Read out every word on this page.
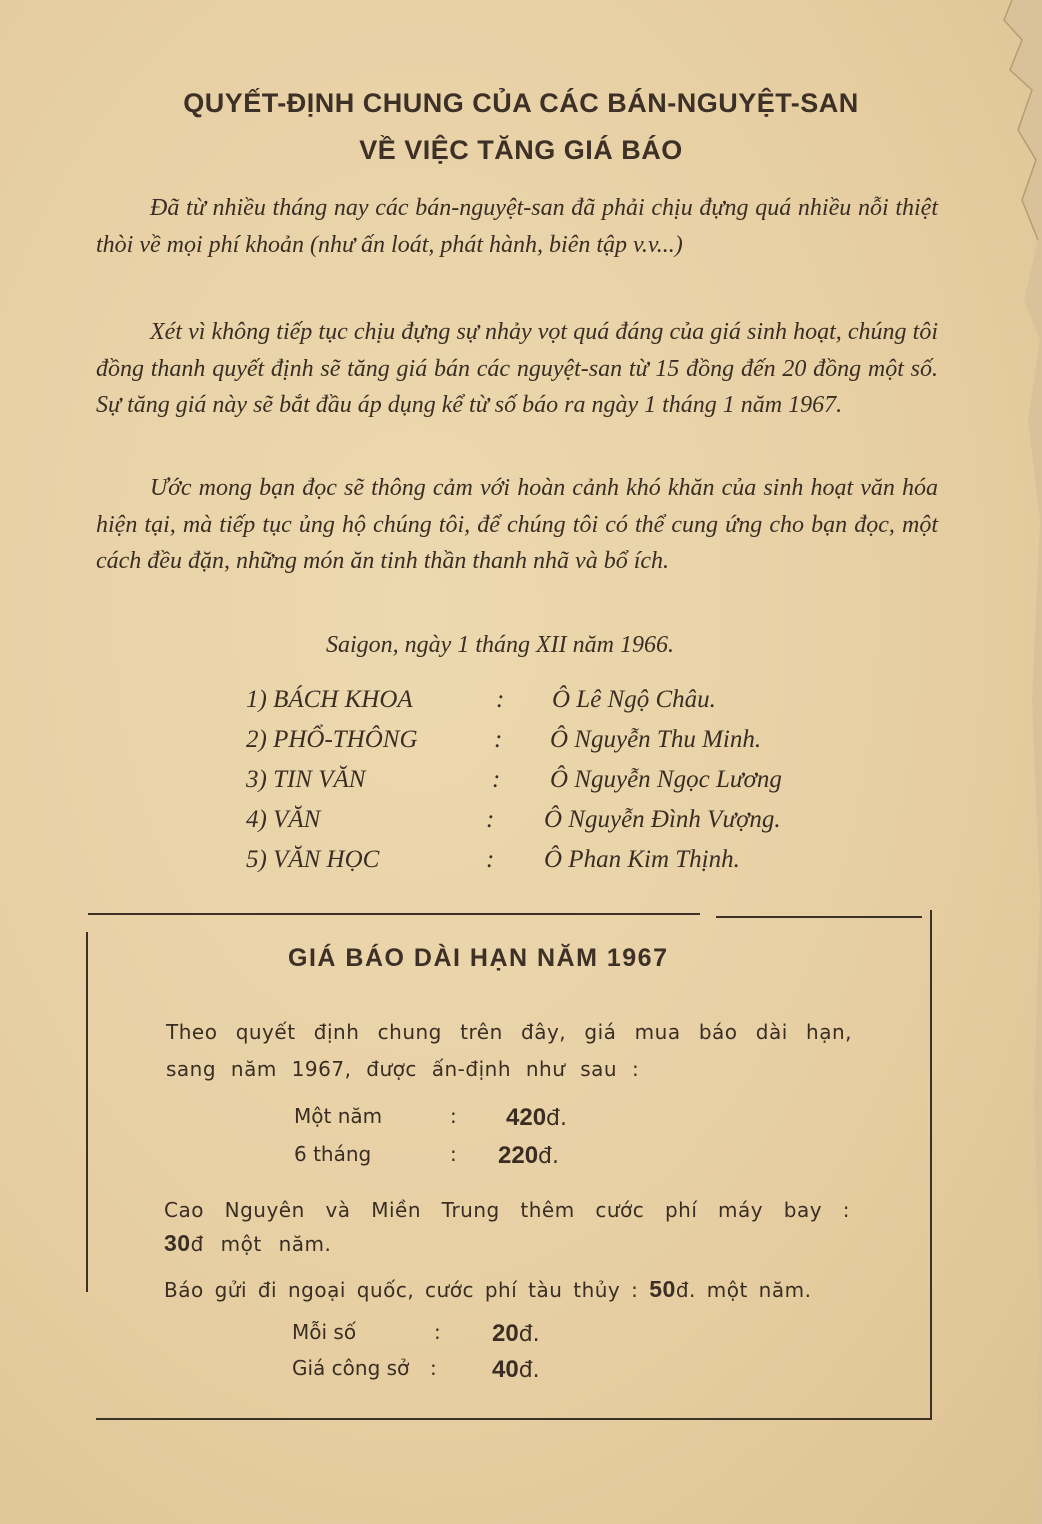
QUYẾT-ĐỊNH CHUNG CỦA CÁC BÁN-NGUYỆT-SAN
VỀ VIỆC TĂNG GIÁ BÁO
Đã từ nhiều tháng nay các bán-nguyệt-san đã phải chịu đựng quá nhiều nỗi thiệt thòi về mọi phí khoản (như ấn loát, phát hành, biên tập v.v...)
Xét vì không tiếp tục chịu đựng sự nhảy vọt quá đáng của giá sinh hoạt, chúng tôi đồng thanh quyết định sẽ tăng giá bán các nguyệt-san từ 15 đồng đến 20 đồng một số. Sự tăng giá này sẽ bắt đầu áp dụng kể từ số báo ra ngày 1 tháng 1 năm 1967.
Ước mong bạn đọc sẽ thông cảm với hoàn cảnh khó khăn của sinh hoạt văn hóa hiện tại, mà tiếp tục ủng hộ chúng tôi, để chúng tôi có thể cung ứng cho bạn đọc, một cách đều đặn, những món ăn tinh thần thanh nhã và bổ ích.
Saigon, ngày 1 tháng XII năm 1966.
1) BÁCH KHOA	: Ô Lê Ngộ Châu.
2) PHỔ-THÔNG	: Ô Nguyễn Thu Minh.
3) TIN VĂN	: Ô Nguyễn Ngọc Lương
4) VĂN	: Ô Nguyễn Đình Vượng.
5) VĂN HỌC	: Ô Phan Kim Thịnh.
GIÁ BÁO DÀI HẠN NĂM 1967
Theo quyết định chung trên đây, giá mua báo dài hạn, sang năm 1967, được ấn-định như sau :
Một năm	: 420đ.
6 tháng	: 220đ.
Cao Nguyên và Miền Trung thêm cước phí máy bay : 30đ một năm.
Báo gửi đi ngoại quốc, cước phí tàu thủy : 50đ. một năm.
Mỗi số	: 20đ.
Giá công sở : 40đ.
